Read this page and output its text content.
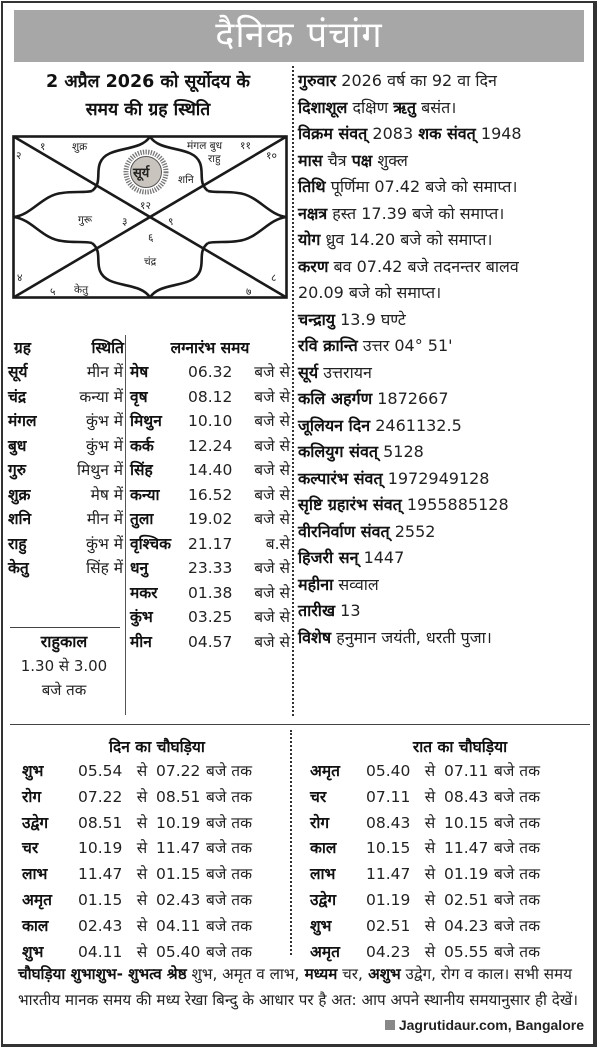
दैनिक पंचांग
2 अप्रैल 2026 को सूर्योदय के
समय की ग्रह स्थिति
१
२
३
४
५
६
७
८
९
१०
११
१२
शुक्र
सूर्य	शनि
मंगल बुध
राहु
गुरू
चंद्र
केतु
गुरुवार 2026 वर्ष का 92 वा दिन
दिशाशूल दक्षिण ऋतु बसंत।
विक्रम संवत् 2083 शक संवत् 1948
मास चैत्र पक्ष शुक्ल
तिथि पूर्णिमा 07.42 बजे को समाप्त।
नक्षत्र हस्त 17.39 बजे को समाप्त।
योग ध्रुव 14.20 बजे को समाप्त।
करण बव 07.42 बजे तदनन्तर बालव
20.09 बजे को समाप्त।
चन्द्रायु 13.9 घण्टे
रवि क्रान्ति उत्तर 04° 51'
सूर्य उत्तरायन
कलि अहर्गण 1872667
जूलियन दिन 2461132.5
कलियुग संवत् 5128
कल्पारंभ संवत् 1972949128
सृष्टि ग्रहारंभ संवत् 1955885128
वीरनिर्वाण संवत् 2552
हिजरी सन् 1447
महीना सव्वाल
तारीख 13
विशेष हनुमान जयंती, धरती पुजा।
ग्रह	स्थिति	लग्नारंभ समय
सूर्य	मीन में
चंद्र	कन्या में
मंगल	कुंभ में
बुध	कुंभ में
गुरु	मिथुन में
शुक्र	मेष में
शनि	मीन में
राहु	कुंभ में
केतु	सिंह में
राहुकाल
1.30 से 3.00
बजे तक
मेष	06.32	बजे से
वृष	08.12	बजे से
मिथुन	10.10	बजे से
कर्क	12.24	बजे से
सिंह	14.40	बजे से
कन्या	16.52	बजे से
तुला	19.02	बजे से
वृश्चिक	21.17	ब.से
धनु	23.33	बजे से
मकर	01.38	बजे से
कुंभ	03.25	बजे से
मीन	04.57	बजे से
दिन का चौघड़िया
शुभ	05.54 से 07.22 बजे तक
रोग	07.22 से 08.51 बजे तक
उद्वेग	08.51 से 10.19 बजे तक
चर	10.19 से 11.47 बजे तक
लाभ	11.47 से 01.15 बजे तक
अमृत	01.15 से 02.43 बजे तक
काल	02.43 से 04.11 बजे तक
शुभ	04.11 से 05.40 बजे तक
रात का चौघड़िया
अमृत	05.40 से 07.11 बजे तक
चर	07.11 से 08.43 बजे तक
रोग	08.43 से 10.15 बजे तक
काल	10.15 से 11.47 बजे तक
लाभ	11.47 से 01.19 बजे तक
उद्वेग	01.19 से 02.51 बजे तक
शुभ	02.51 से 04.23 बजे तक
अमृत	04.23 से 05.55 बजे तक
चौघड़िया शुभाशुभ- शुभत्व श्रेष्ठ शुभ, अमृत व लाभ, मध्यम चर, अशुभ उद्वेग, रोग व काल। सभी समय भारतीय मानक समय की मध्य रेखा बिन्दु के आधार पर है अत: आप अपने स्थानीय समयानुसार ही देखें।
Jagrutidaur.com, Bangalore
